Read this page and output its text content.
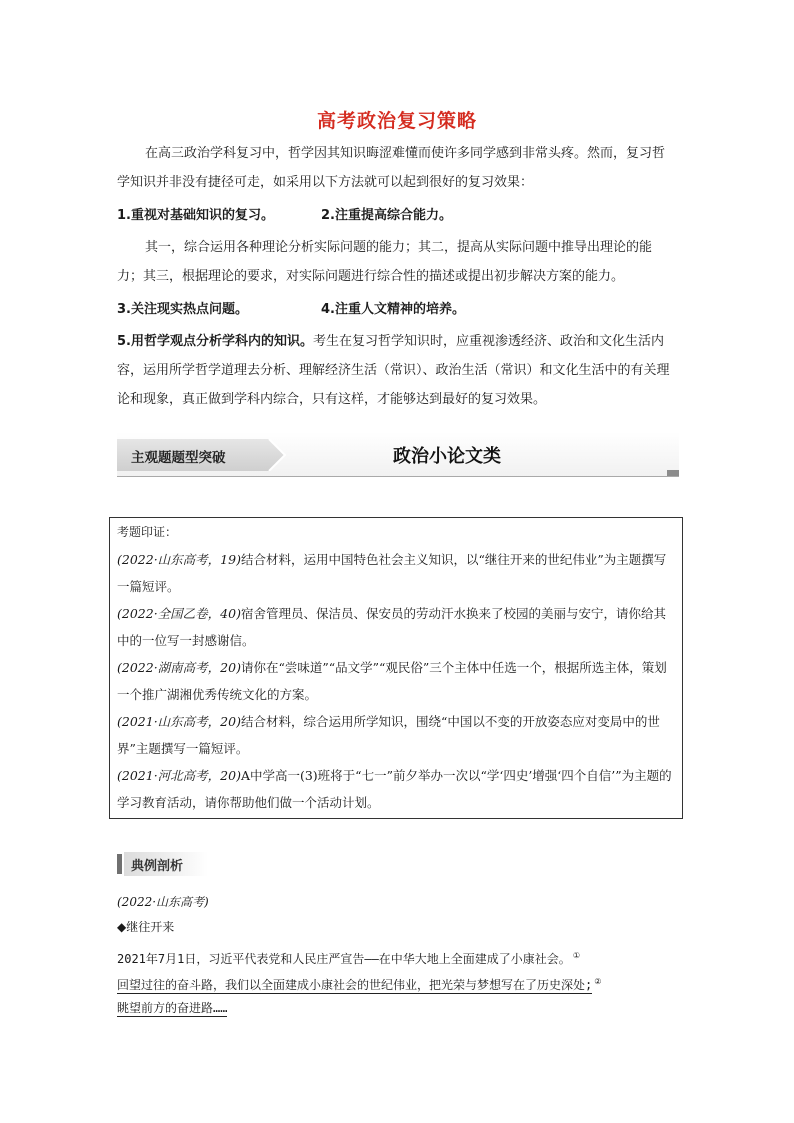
高考政治复习策略
在高三政治学科复习中，哲学因其知识晦涩难懂而使许多同学感到非常头疼。然而，复习哲学知识并非没有捷径可走，如采用以下方法就可以起到很好的复习效果：
1.重视对基础知识的复习。	2.注重提高综合能力。
其一，综合运用各种理论分析实际问题的能力；其二，提高从实际问题中推导出理论的能力；其三，根据理论的要求，对实际问题进行综合性的描述或提出初步解决方案的能力。
3.关注现实热点问题。	4.注重人文精神的培养。
5.用哲学观点分析学科内的知识。考生在复习哲学知识时，应重视渗透经济、政治和文化生活内容，运用所学哲学道理去分析、理解经济生活（常识）、政治生活（常识）和文化生活中的有关理论和现象，真正做到学科内综合，只有这样，才能够达到最好的复习效果。
主观题题型突破	政治小论文类
考题印证：

(2022·山东高考，19)结合材料，运用中国特色社会主义知识，以“继往开来的世纪伟业”为主题撰写一篇短评。

(2022·全国乙卷，40)宿舍管理员、保洁员、保安员的劳动汗水换来了校园的美丽与安宁，请你给其中的一位写一封感谢信。

(2022·湖南高考，20)请你在“尝味道”“品文学”“观民俗”三个主体中任选一个，根据所选主体，策划一个推广湖湘优秀传统文化的方案。

(2021·山东高考，20)结合材料，综合运用所学知识，围绕“中国以不变的开放姿态应对变局中的世界”主题撰写一篇短评。

(2021·河北高考，20)A中学高一(3)班将于“七一”前夕举办一次以“学‘四史’增强‘四个自信’”为主题的学习教育活动，请你帮助他们做一个活动计划。

典例剖析
(2022·山东高考)
◆继往开来
2021年7月1日，习近平代表党和人民庄严宣告——在中华大地上全面建成了小康社会。 ①
回望过往的奋斗路，我们以全面建成小康社会的世纪伟业，把光荣与梦想写在了历史深处; ②
眺望前方的奋进路……
